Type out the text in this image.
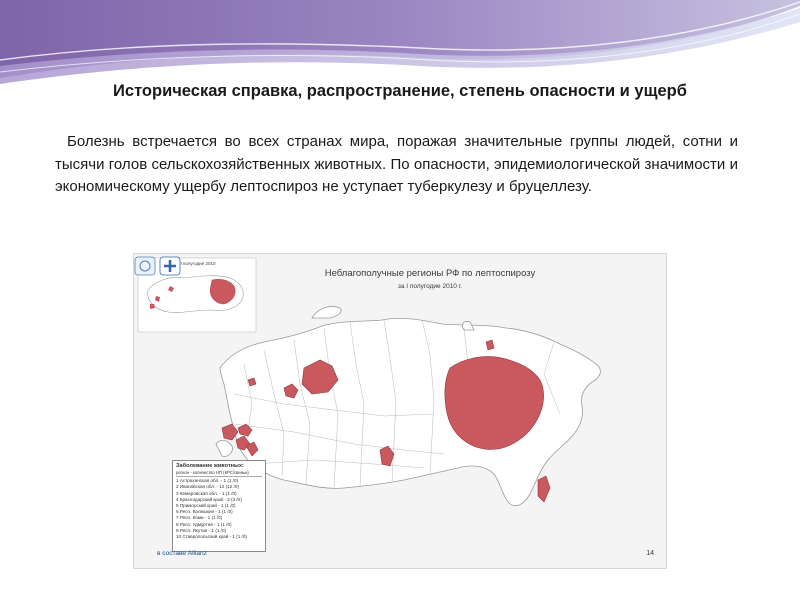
Историческая справка, распространение, степень опасности и ущерб
Болезнь встречается во всех странах мира, поражая значительные группы людей, сотни и тысячи голов сельскохозяйственных животных. По опасности, эпидемиологической значимости и экономическому ущербу лептоспироз не уступает туберкулезу и бруцеллезу.
I полугодие 2010
Неблагополучные регионы РФ по лептоспирозу
за I полугодие 2010 г.
Заболевание животных:
регион - количество НП (КРС/свиньи)
1 Астраханская обл. - 1 (1 /0)
2 Ивановская обл. - 12 (12 /0)
3 Кемеровская обл. - 1 (1 /0)
4 Краснодарский край - 3 (3 /0)
5 Приморский край - 1 (1 /0)
6 Респ. Калмыкия - 1 (1 /0)
7 Респ. Коми - 1 (1 /0)
8 Респ. Удмуртия - 1 (1 /0)
9 Респ. Якутия - 1 (1 /0)
10 Ставропольский край - 1 (1 /0)
в составе Allianz	14
